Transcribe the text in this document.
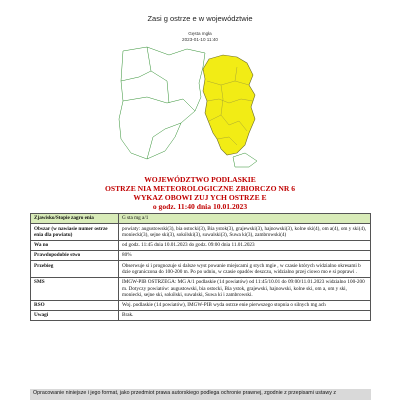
Zasi g ostrze e w województwie
Gęsta mgła
2023-01-10 11:40
WOJEWÓDZTWO PODLASKIE
OSTRZE NIA METEOROLOGICZNE ZBIORCZO NR 6
WYKAZ OBOWI ZUJ YCH OSTRZE E
o godz. 11:40 dnia 10.01.2023
Zjawisko/Stopie zagro enia	G sta mg a/1
Obszar (w nawiasie numer ostrze enia dla powiatu)	powiaty: augustowski(3), bia ostocki(3), Bia ystok(3), grajewski(3), hajnowski(3), kolne ski(4), om a(4), om y ski(4), moniecki(3), sejne ski(3), sokólski(3), suwalski(3), Suwa ki(3), zambrowski(4)
Wa no	od godz. 11:45 dnia 10.01.2023 do godz. 09:00 dnia 11.01.2023
Prawdopodobie stwo	80%
Przebieg	Obserwuje si i prognozuje si dalsze wyst powanie miejscami g stych mgie , w czasie których widzialno okresami b dzie ograniczona do 100-200 m. Po po udniu, w czasie opadów deszczu, widzialno przej ciowo mo e si poprawi .
SMS	IMGW-PIB OSTRZEGA: MG A/1 podlaskie (14 powiatów) od 11:45/10.01 do 09:00/11.01.2023 widzialno 100-200 m. Dotyczy powiatów: augustowski, bia ostocki, Bia ystok, grajewski, hajnowski, kolne ski, om a, om y ski, moniecki, sejne ski, sokólski, suwalski, Suwa ki i zambrowski.
RSO	Woj. podlaskie (14 powiatów), IMGW-PIB wyda ostrze enie pierwszego stopnia o silnych mg ach
Uwagi	Brak.
Opracowanie niniejsze i jego format, jako przedmiot prawa autorskiego podlega ochronie prawnej, zgodnie z przepisami ustawy z
